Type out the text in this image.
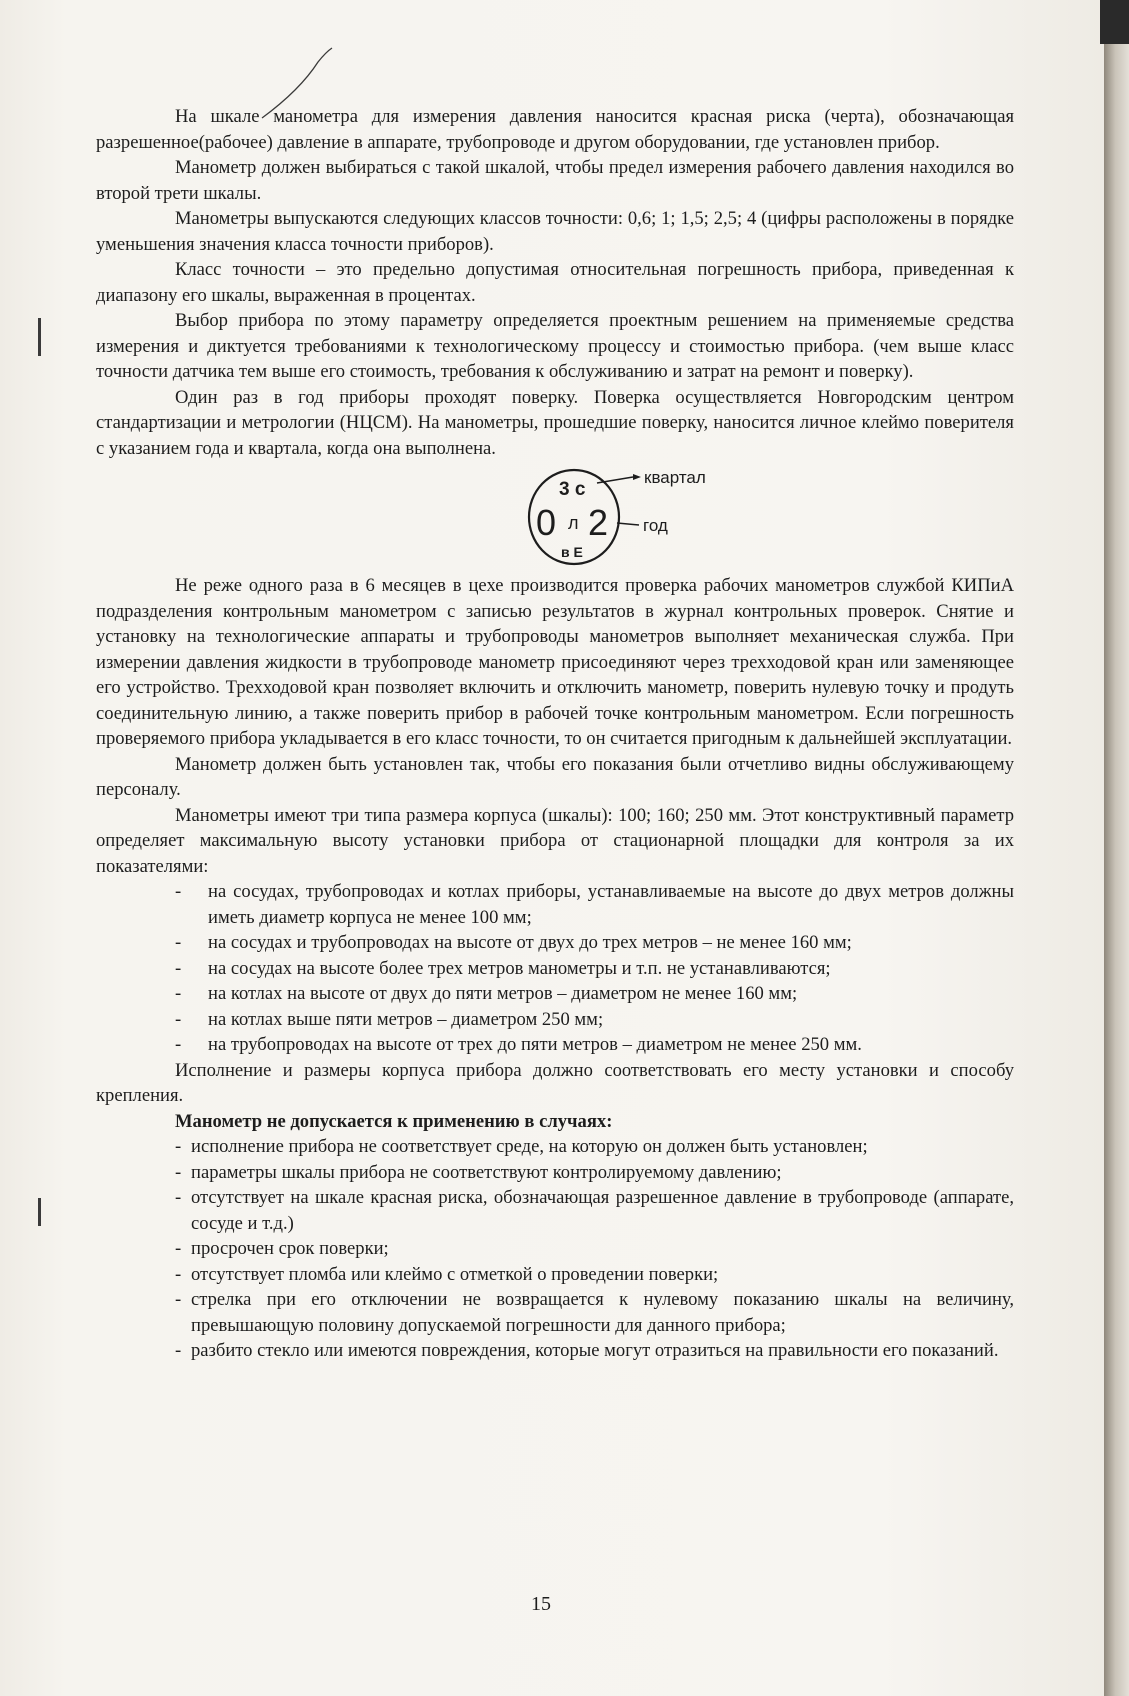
На шкале манометра для измерения давления наносится красная риска (черта), обозначающая разрешенное(рабочее) давление в аппарате, трубопроводе и другом оборудовании, где установлен прибор.

Манометр должен выбираться с такой шкалой, чтобы предел измерения рабочего давления находился во второй трети шкалы.

Манометры выпускаются следующих классов точности: 0,6; 1; 1,5; 2,5; 4 (цифры расположены в порядке уменьшения значения класса точности приборов).

Класс точности – это предельно допустимая относительная погрешность прибора, приведенная к диапазону его шкалы, выраженная в процентах.

Выбор прибора по этому параметру определяется проектным решением на применяемые средства измерения и диктуется требованиями к технологическому процессу и стоимостью прибора. (чем выше класс точности датчика тем выше его стоимость, требования к обслуживанию и затрат на ремонт и поверку).

Один раз в год приборы проходят поверку. Поверка осуществляется Новгородским центром стандартизации и метрологии (НЦСМ). На манометры, прошедшие поверку, наносится личное клеймо поверителя с указанием года и квартала, когда она выполнена.

3 с
0 л 2
в Е
квартал
год

Не реже одного раза в 6 месяцев в цехе производится проверка рабочих манометров службой КИПиА подразделения контрольным манометром с записью результатов в журнал контрольных проверок. Снятие и установку на технологические аппараты и трубопроводы манометров выполняет механическая служба. При измерении давления жидкости в трубопроводе манометр присоединяют через трехходовой кран или заменяющее его устройство. Трехходовой кран позволяет включить и отключить манометр, поверить нулевую точку и продуть соединительную линию, а также поверить прибор в рабочей точке контрольным манометром. Если погрешность проверяемого прибора укладывается в его класс точности, то он считается пригодным к дальнейшей эксплуатации.

Манометр должен быть установлен так, чтобы его показания были отчетливо видны обслуживающему персоналу.

Манометры имеют три типа размера корпуса (шкалы): 100; 160; 250 мм. Этот конструктивный параметр определяет максимальную высоту установки прибора от стационарной площадки для контроля за их показателями:

- на сосудах, трубопроводах и котлах приборы, устанавливаемые на высоте до двух метров должны иметь диаметр корпуса не менее 100 мм;
- на сосудах и трубопроводах на высоте от двух до трех метров – не менее 160 мм;
- на сосудах на высоте более трех метров манометры и т.п. не устанавливаются;
- на котлах на высоте от двух до пяти метров – диаметром не менее 160 мм;
- на котлах выше пяти метров – диаметром 250 мм;
- на трубопроводах на высоте от трех до пяти метров – диаметром не менее 250 мм.

Исполнение и размеры корпуса прибора должно соответствовать его месту установки и способу крепления.

Манометр не допускается к применению в случаях:

- исполнение прибора не соответствует среде, на которую он должен быть установлен;
- параметры шкалы прибора не соответствуют контролируемому давлению;
- отсутствует на шкале красная риска, обозначающая разрешенное давление в трубопроводе (аппарате, сосуде и т.д.)
- просрочен срок поверки;
- отсутствует пломба или клеймо с отметкой о проведении поверки;
- стрелка при его отключении не возвращается к нулевому показанию шкалы на величину, превышающую половину допускаемой погрешности для данного прибора;
- разбито стекло или имеются повреждения, которые могут отразиться на правильности его показаний.
15
